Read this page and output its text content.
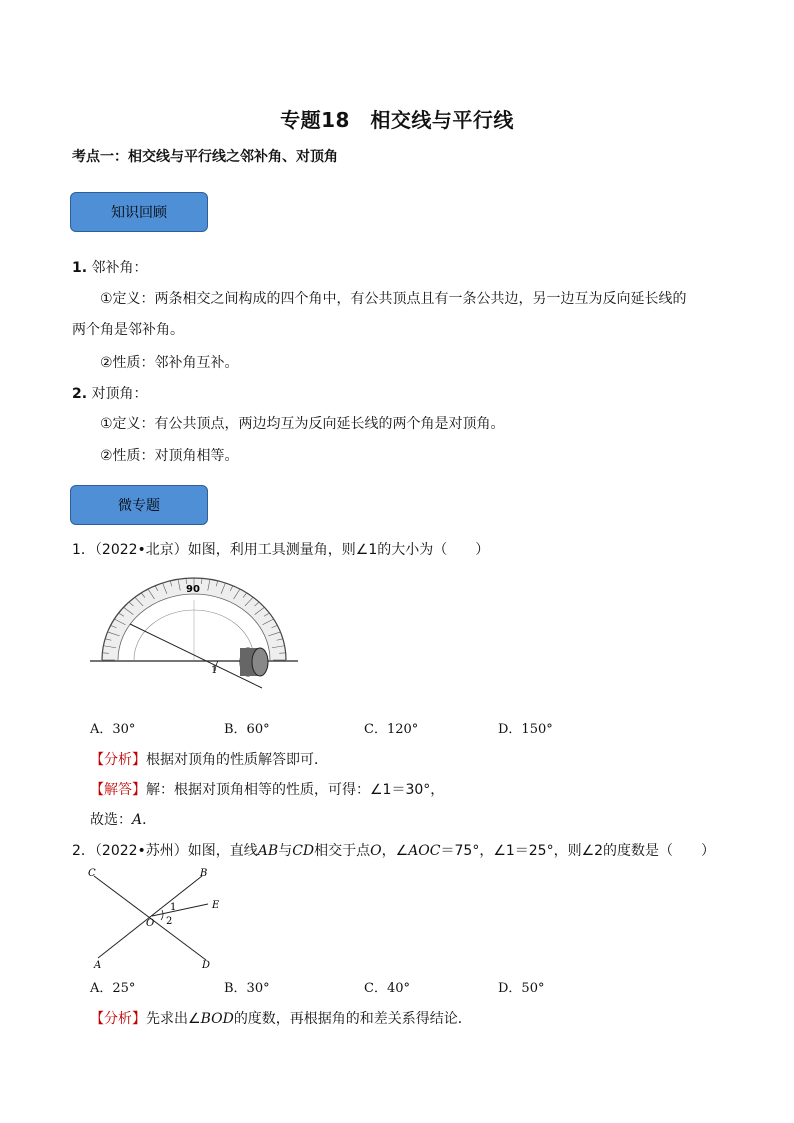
专题18　相交线与平行线
考点一：相交线与平行线之邻补角、对顶角
知识回顾
1. 邻补角：
①定义：两条相交之间构成的四个角中，有公共顶点且有一条公共边，另一边互为反向延长线的
两个角是邻补角。
②性质：邻补角互补。
2. 对顶角：
①定义：有公共顶点，两边均互为反向延长线的两个角是对顶角。
②性质：对顶角相等。
微专题
1．（2022•北京）如图，利用工具测量角，则∠1的大小为（　　）
1
90
A．30°	B．60°	C．120°	D．150°
【分析】根据对顶角的性质解答即可．
【解答】解：根据对顶角相等的性质，可得：∠1＝30°，
故选：A．
2．（2022•苏州）如图，直线AB与CD相交于点O，∠AOC＝75°，∠1＝25°，则∠2的度数是（　　）
C	B
E
O
1
2
A	D
A．25°	B．30°	C．40°	D．50°
【分析】先求出∠BOD的度数，再根据角的和差关系得结论．
